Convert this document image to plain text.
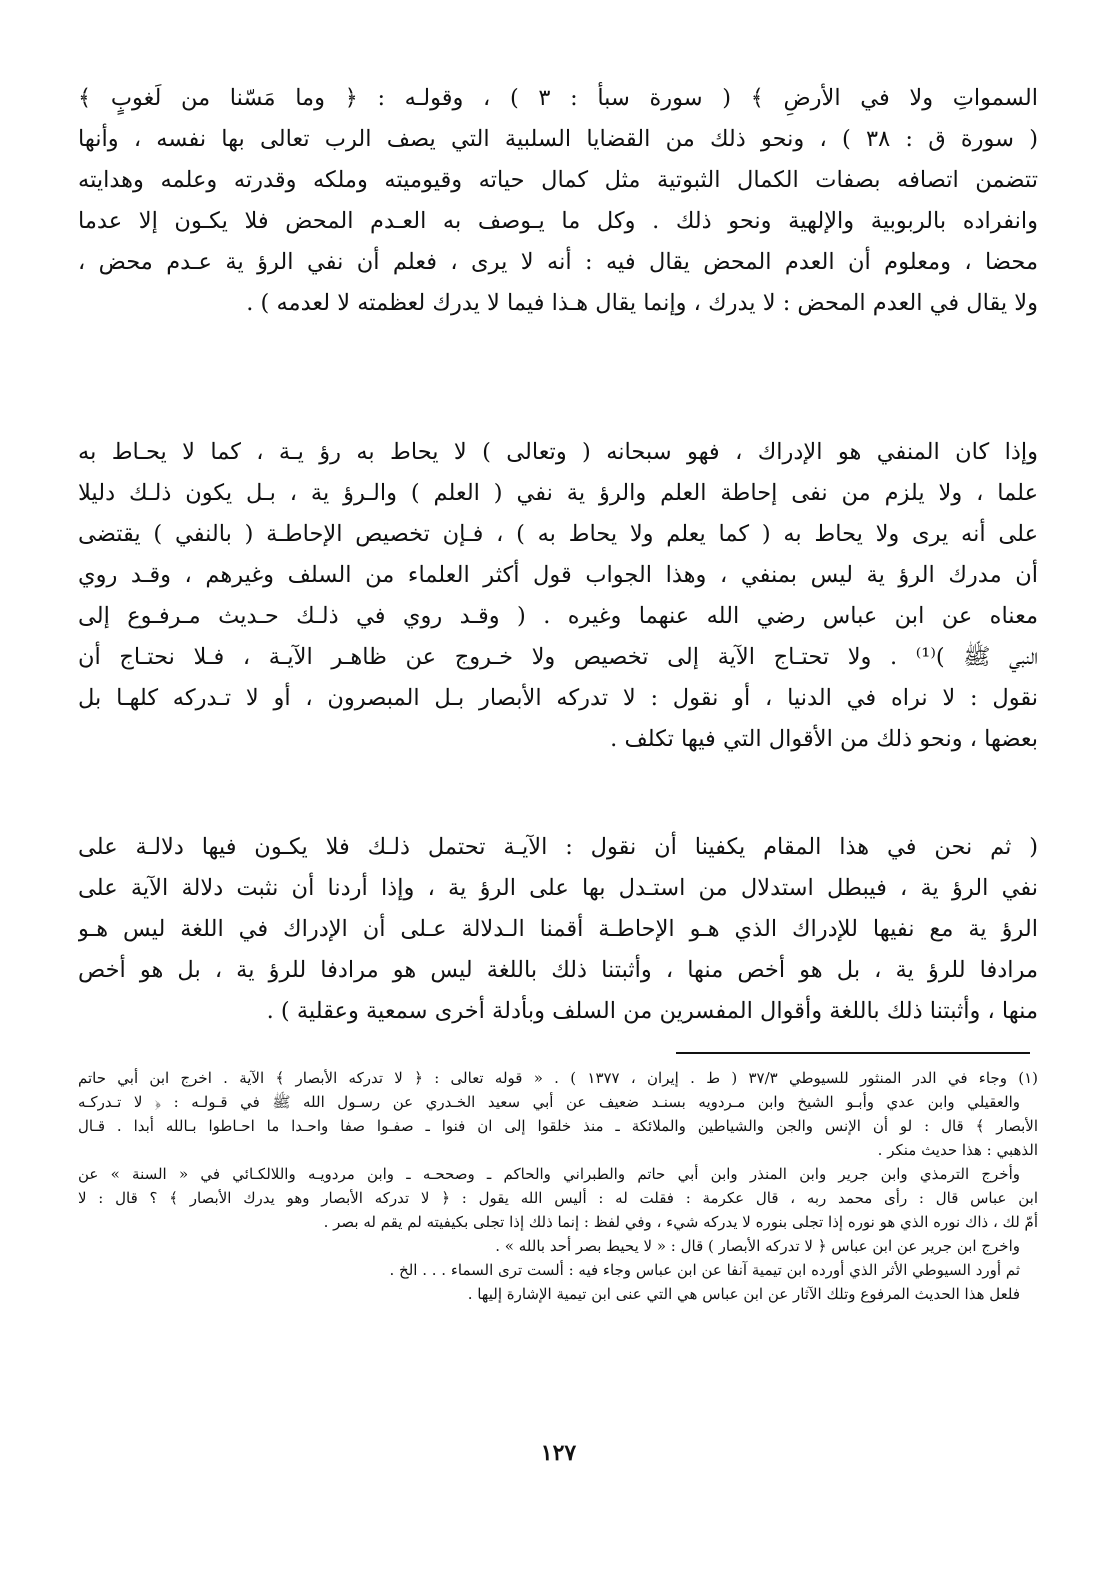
السمواتِ ولا في الأرضِ ﴾ ( سورة سبأ : ٣ ) ، وقولـه : ﴿ وما مَسّنا من لَغوبٍ ﴾
( سورة ق : ٣٨ ) ، ونحو ذلك من القضايا السلبية التي يصف الرب تعالى بها نفسه ، وأنها
تتضمن اتصافه بصفات الكمال الثبوتية مثل كمال حياته وقيوميته وملكه وقدرته وعلمه وهدايته
وانفراده بالربوبية والإلهية ونحو ذلك . وكل ما يـوصف به العـدم المحض فلا يكـون إلا عدما
محضا ، ومعلوم أن العدم المحض يقال فيه : أنه لا يرى ، فعلم أن نفي الرؤ ية عـدم محض ،
ولا يقال في العدم المحض : لا يدرك ، وإنما يقال هـذا فيما لا يدرك لعظمته لا لعدمه ) .
وإذا كان المنفي هو الإدراك ، فهو سبحانه ( وتعالى ) لا يحاط به رؤ يـة ، كما لا يحـاط به
علما ، ولا يلزم من نفى إحاطة العلم والرؤ ية نفي ( العلم ) والـرؤ ية ، بـل يكون ذلـك دليلا
على أنه يرى ولا يحاط به ( كما يعلم ولا يحاط به ) ، فـإن تخصيص الإحاطـة ( بالنفي ) يقتضى
أن مدرك الرؤ ية ليس بمنفي ، وهذا الجواب قول أكثر العلماء من السلف وغيرهم ، وقـد روي
معناه عن ابن عباس رضي الله عنهما وغيره . ( وقـد روي في ذلـك حـديث مـرفـوع إلى
النبي ﷺ )⁽¹⁾ . ولا تحتـاج الآية إلى تخصيص ولا خـروج عن ظاهـر الآيـة ، فـلا نحتـاج أن
نقول : لا نراه في الدنيا ، أو نقول : لا تدركه الأبصار بـل المبصرون ، أو لا تـدركه كلهـا بل
بعضها ، ونحو ذلك من الأقوال التي فيها تكلف .
( ثم نحن في هذا المقام يكفينا أن نقول : الآيـة تحتمل ذلـك فلا يكـون فيها دلالـة على
نفي الرؤ ية ، فيبطل استدلال من استـدل بها على الرؤ ية ، وإذا أردنا أن نثبت دلالة الآية على
الرؤ ية مع نفيها للإدراك الذي هـو الإحاطـة أقمنا الـدلالة عـلى أن الإدراك في اللغة ليس هـو
مرادفا للرؤ ية ، بل هو أخص منها ، وأثبتنا ذلك باللغة ليس هو مرادفا للرؤ ية ، بل هو أخص
منها ، وأثبتنا ذلك باللغة وأقوال المفسرين من السلف وبأدلة أخرى سمعية وعقلية ) .
(١) وجاء في الدر المنثور للسيوطي ٣٧/٣ ( ط . إيران ، ١٣٧٧ ) . « قوله تعالى : ﴿ لا تدركه الأبصار ﴾ الآية . اخرج ابن أبي حاتم
والعقيلي وابن عدي وأبـو الشيخ وابن مـردويه بسنـد ضعيف عن أبي سعيد الخـدري عن رسـول الله ﷺ في قـولـه : ﴿ لا تـدركـه
الأبصار ﴾ قال : لو أن الإنس والجن والشياطين والملائكة ـ منذ خلقوا إلى ان فنوا ـ صفـوا صفا واحـدا ما احـاطوا بـالله أبدا . قـال
الذهبي : هذا حديث منكر .
وأخرج الترمذي وابن جرير وابن المنذر وابن أبي حاتم والطبراني والحاكم ـ وصححـه ـ وابن مردويـه واللالكـائي في « السنة » عن
ابن عباس قال : رأى محمد ربه ، قال عكرمة : فقلت له : أليس الله يقول : ﴿ لا تدركه الأبصار وهو يدرك الأبصار ﴾ ؟ قال : لا
أمّ لك ، ذاك نوره الذي هو نوره إذا تجلى بنوره لا يدركه شيء ، وفي لفظ : إنما ذلك إذا تجلى بكيفيته لم يقم له بصر .
واخرج ابن جرير عن ابن عباس ﴿ لا تدركه الأبصار ) قال : « لا يحيط بصر أحد بالله » .
ثم أورد السيوطي الأثر الذي أورده ابن تيمية آنفا عن ابن عباس وجاء فيه : ألست ترى السماء . . . الخ .
فلعل هذا الحديث المرفوع وتلك الآثار عن ابن عباس هي التي عنى ابن تيمية الإشارة إليها .
١٢٧
